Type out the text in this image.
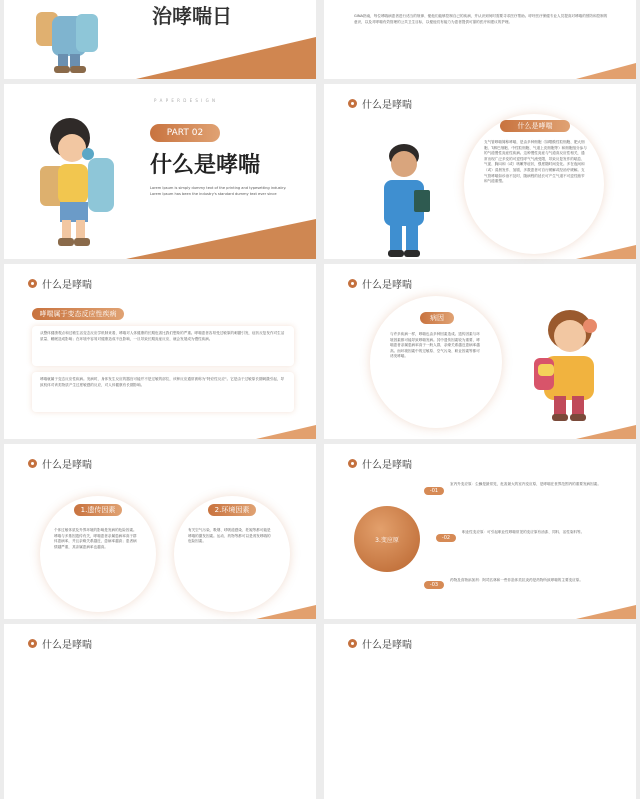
治哮喘日	GINA指南，每位哮喘病患者进行适当的规律、便他们能够控制自己的疾病，并认识到何时需要寻求医疗帮助。呼吁医疗保健专业人员提高对哮喘的预防和控制的意识，以及对哮喘有效管理的公共卫生目标，以便他们有能力为患者提供可靠的医疗和建议的护理。
P A P E R D E S I G N
PART 02
什么是哮喘
Lorem Ipsum is simply dummy text of the printing and typesetting industry. Lorem Ipsum has been the industry's standard dummy text ever since
什么是哮喘
什么是哮喘
支气管哮喘简称哮喘，是由多种细胞（如嗜酸性粒细胞、肥大细胞、T淋巴细胞、中性粒细胞、气道上皮细胞等）和细胞组分参与的气道慢性炎症性疾病。这种慢性炎症与气道高反应性相关，通常出现广泛多变的可逆性呼气气流受限，导致反复发作的喘息、气促、胸闷和（或）咳嗽等症状，强度随时间变化。多在夜间和（或）清晨发作、加剧，多数患者可自行缓解或经治疗缓解。支气管哮喘如诊治不及时，随病程的延长可产生气道不可逆性缩窄和气道重塑。
什么是哮喘
哮喘属于变态反应性疾病
从整体健康观点和过敏生活变态反应学机制来看，哮喘对人体健康的长期危害比我们想象的严重。哮喘患者容易受过敏原的刺激引发，症状反复发作对生活质量、睡眠造成影响；在环境中容易对健康造成不良影响，一旦导致长期炎症反应，就会发展成为慢性疾病。
哮喘就属于变态反应性疾病。发病时，身体发生反应的器官可能并不是过敏的部位，该种反应通常被称为"特应性反应"。它是由于过敏原长期刺激引起，导致机体对该类物质产生过度敏感的反应，对人体健康有长期影响。
什么是哮喘
病因
与许多疾病一样，哮喘也由多种因素造成。遗传因素与环境因素都可能导致哮喘发病。其中遗传因素较为重要，哮喘患者亲属患病率高于一般人群，亲缘关系越近患病率越高。而环境因素中的过敏原、空气污染、职业因素等都可诱发哮喘。
什么是哮喘
1.遗传因素
个体过敏体质及外界环境的影响是发病的危险因素。哮喘与多基因遗传有关，哮喘患者亲属患病率高于群体患病率，并且亲缘关系越近，患病率越高；患者病情越严重，其亲属患病率也越高。
2.环境因素
有关空气污染，吸烟、呼吸道感染、妊娠等都可能是哮喘的激发因素。运动、药物等都可以是诱发哮喘的危险因素。
什么是哮喘
3.变应原
-01
室内外变应原：尘螨是最常见，危害最大的室内变应原，是哮喘在世界范围内的重要发病因素。
-02
职业性变应原：可引起职业性哮喘常见的变应原有油漆、饲料、活性染料等。
-03
药物及食物添加剂：阿司匹林和一些非甾体类抗炎药是药物所致哮喘的主要变应原。
什么是哮喘	什么是哮喘
